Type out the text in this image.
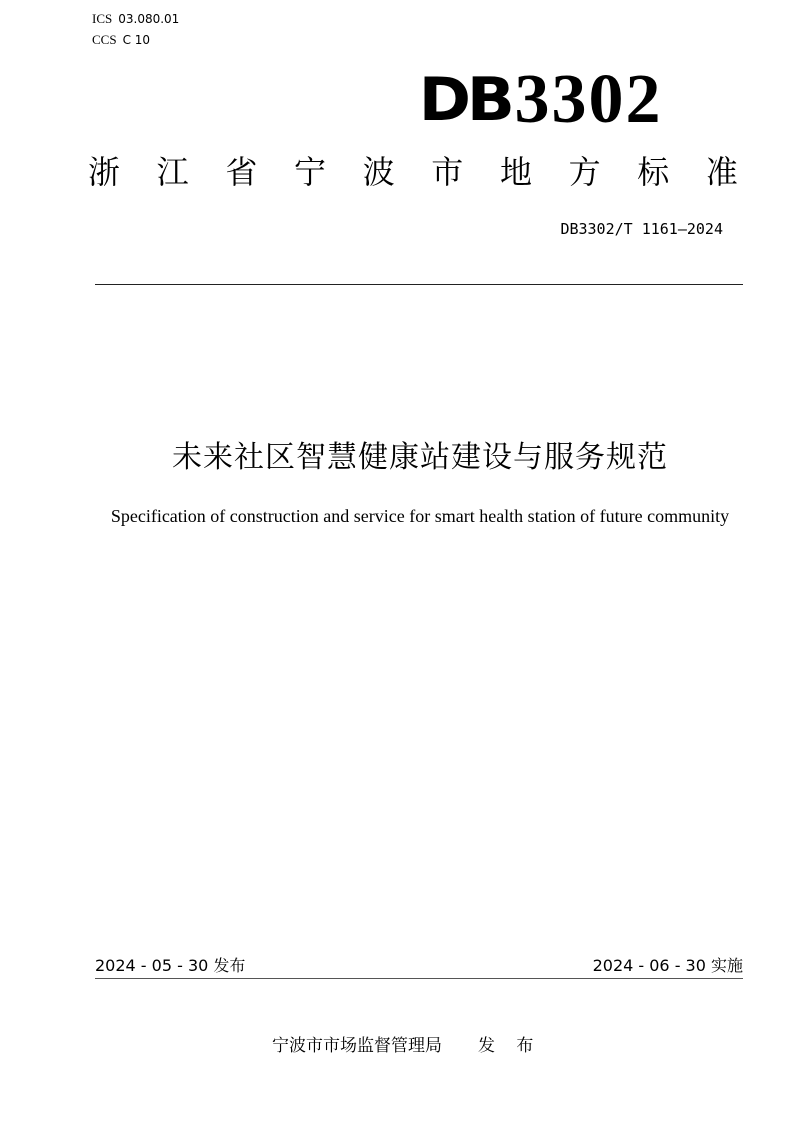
ICS 03.080.01
CCS C 10
DB 3302
浙 江 省 宁 波 市 地 方 标 准
DB3302/T 1161—2024
未来社区智慧健康站建设与服务规范
Specification of construction and service for smart health station of future community
2024 - 05 - 30 发布	2024 - 06 - 30 实施
宁波市市场监督管理局 发 布
